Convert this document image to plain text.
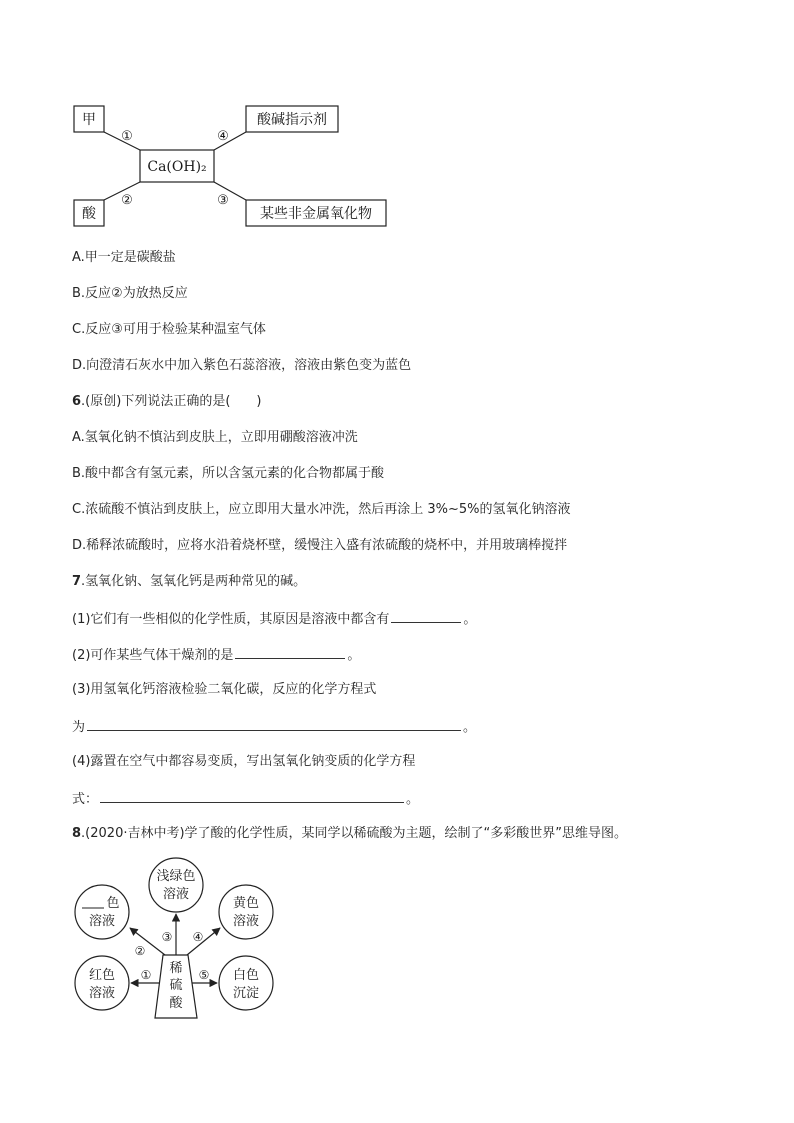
甲
酸
Ca(OH)₂
酸碱指示剂
某些非金属氧化物
①
②
④
③
A.甲一定是碳酸盐
B.反应②为放热反应
C.反应③可用于检验某种温室气体
D.向澄清石灰水中加入紫色石蕊溶液，溶液由紫色变为蓝色
6.(原创)下列说法正确的是(　　)
A.氢氧化钠不慎沾到皮肤上，立即用硼酸溶液冲洗
B.酸中都含有氢元素，所以含氢元素的化合物都属于酸
C.浓硫酸不慎沾到皮肤上，应立即用大量水冲洗，然后再涂上 3%~5%的氢氧化钠溶液
D.稀释浓硫酸时，应将水沿着烧杯壁，缓慢注入盛有浓硫酸的烧杯中，并用玻璃棒搅拌
7.氢氧化钠、氢氧化钙是两种常见的碱。
(1)它们有一些相似的化学性质，其原因是溶液中都含有	。
(2)可作某些气体干燥剂的是	。
(3)用氢氧化钙溶液检验二氧化碳，反应的化学方程式
为	。
(4)露置在空气中都容易变质，写出氢氧化钠变质的化学方程
式：	。
8.(2020·吉林中考)学了酸的化学性质，某同学以稀硫酸为主题，绘制了“多彩酸世界”思维导图。
浅绿色
溶液
色
溶液
黄色
溶液
红色
溶液
白色
沉淀
稀
硫
酸
①
②
③ ④
⑤
